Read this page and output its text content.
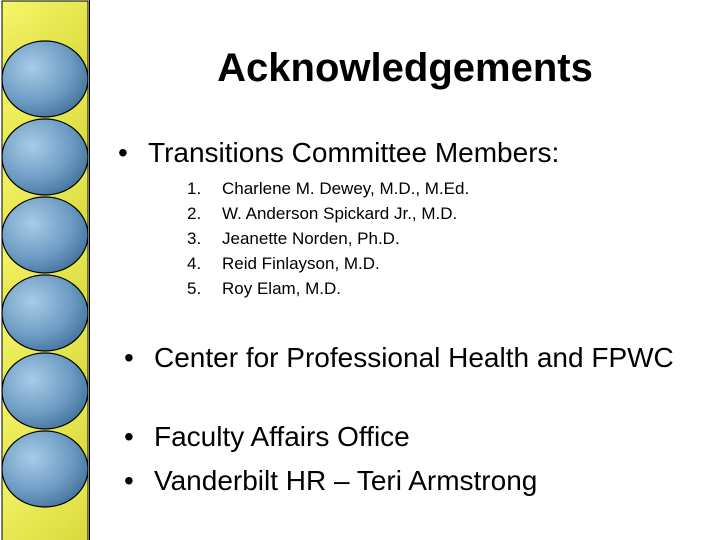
Acknowledgements
• Transitions Committee Members:
1.	Charlene M. Dewey, M.D., M.Ed.
2.	W. Anderson Spickard Jr., M.D.
3.	Jeanette Norden, Ph.D.
4.	Reid Finlayson, M.D.
5.	Roy Elam, M.D.
• Center for Professional Health and FPWC
• Faculty Affairs Office
• Vanderbilt HR – Teri Armstrong
